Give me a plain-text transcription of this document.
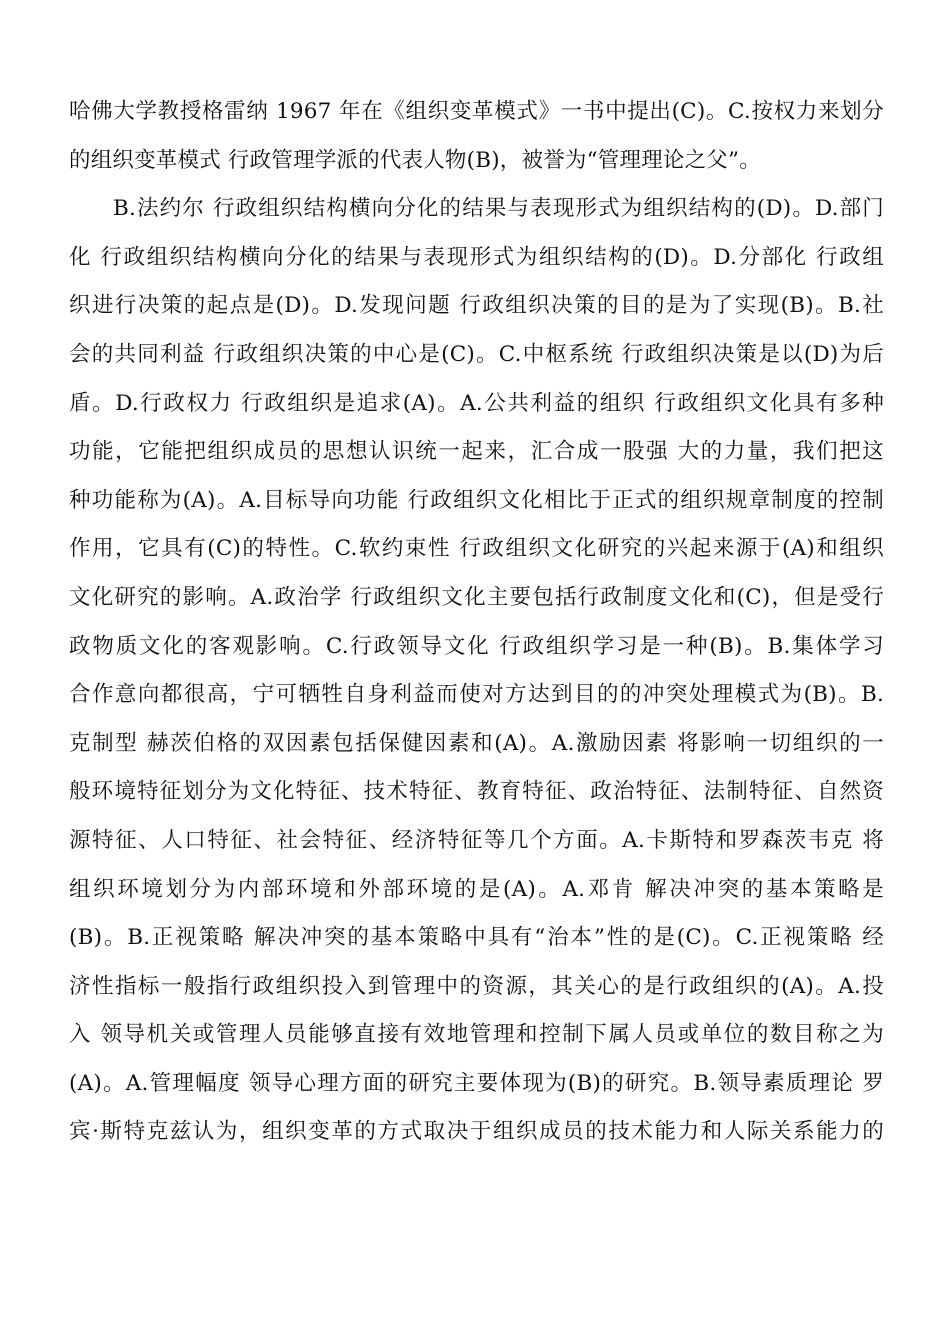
哈佛大学教授格雷纳 1967 年在《组织变革模式》一书中提出(C)。C.按权力来划分
的组织变革模式 行政管理学派的代表人物(B)，被誉为“管理理论之父”。
B.法约尔 行政组织结构横向分化的结果与表现形式为组织结构的(D)。D.部门
化 行政组织结构横向分化的结果与表现形式为组织结构的(D)。D.分部化 行政组
织进行决策的起点是(D)。D.发现问题 行政组织决策的目的是为了实现(B)。B.社
会的共同利益 行政组织决策的中心是(C)。C.中枢系统 行政组织决策是以(D)为后
盾。D.行政权力 行政组织是追求(A)。A.公共利益的组织 行政组织文化具有多种
功能，它能把组织成员的思想认识统一起来，汇合成一股强 大的力量，我们把这
种功能称为(A)。A.目标导向功能 行政组织文化相比于正式的组织规章制度的控制
作用，它具有(C)的特性。C.软约束性 行政组织文化研究的兴起来源于(A)和组织
文化研究的影响。A.政治学 行政组织文化主要包括行政制度文化和(C)，但是受行
政物质文化的客观影响。C.行政领导文化 行政组织学习是一种(B)。B.集体学习
合作意向都很高，宁可牺牲自身利益而使对方达到目的的冲突处理模式为(B)。B.
克制型 赫茨伯格的双因素包括保健因素和(A)。A.激励因素 将影响一切组织的一
般环境特征划分为文化特征、技术特征、教育特征、政治特征、法制特征、自然资
源特征、人口特征、社会特征、经济特征等几个方面。A.卡斯特和罗森茨韦克 将
组织环境划分为内部环境和外部环境的是(A)。A.邓肯 解决冲突的基本策略是
(B)。B.正视策略 解决冲突的基本策略中具有“治本”性的是(C)。C.正视策略 经
济性指标一般指行政组织投入到管理中的资源，其关心的是行政组织的(A)。A.投
入 领导机关或管理人员能够直接有效地管理和控制下属人员或单位的数目称之为
(A)。A.管理幅度 领导心理方面的研究主要体现为(B)的研究。B.领导素质理论 罗
宾·斯特克兹认为，组织变革的方式取决于组织成员的技术能力和人际关系能力的
